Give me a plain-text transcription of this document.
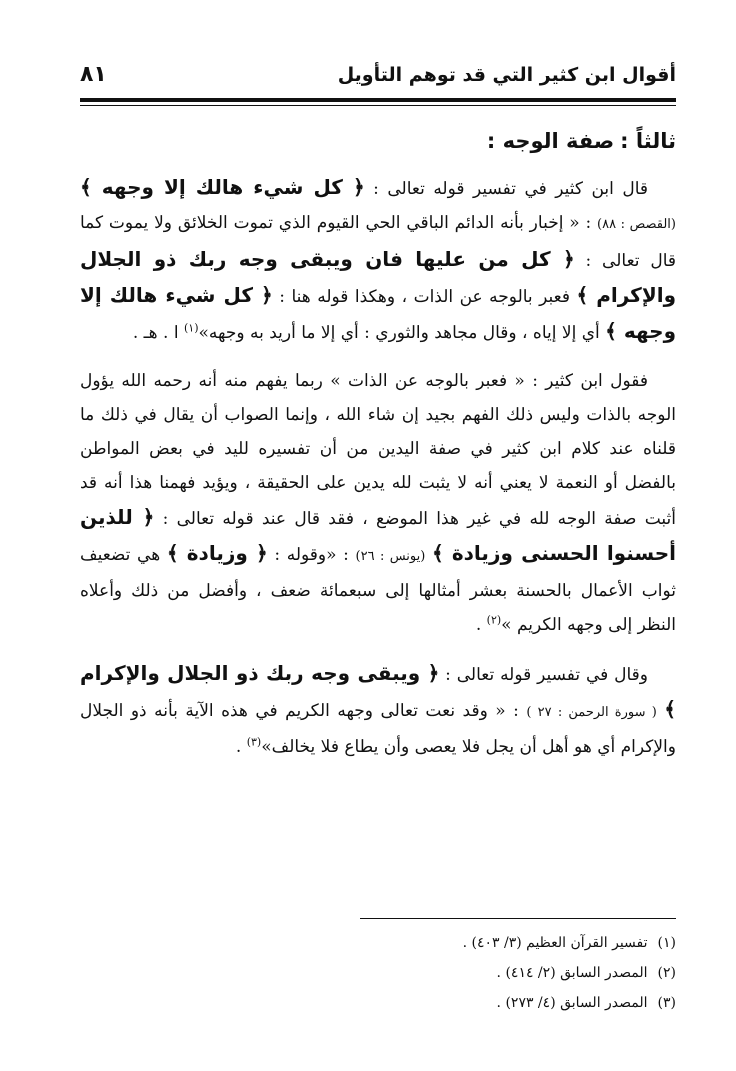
أقوال ابن كثير التي قد توهم التأويل
٨١
ثالثاً :صفة الوجه :

قال ابن كثير في تفسير قوله تعالى : ﴿ كل شيء هالك إلا وجهه ﴾ (القصص : ٨٨) : « إخبار بأنه الدائم الباقي الحي القيوم الذي تموت الخلائق ولا يموت كما قال تعالى : ﴿ كل من عليها فان ويبقى وجه ربك ذو الجلال والإكرام ﴾ فعبر بالوجه عن الذات ، وهكذا قوله هنا : ﴿ كل شيء هالك إلا وجهه ﴾ أي إلا إياه ، وقال مجاهد والثوري : أي إلا ما أريد به وجهه»$^{(١)}$ ا . هـ .

فقول ابن كثير : « فعبر بالوجه عن الذات » ربما يفهم منه أنه رحمه الله يؤول الوجه بالذات وليس ذلك الفهم بجيد إن شاء الله ، وإنما الصواب أن يقال في ذلك ما قلناه عند كلام ابن كثير في صفة اليدين من أن تفسيره لليد في بعض المواطن بالفضل أو النعمة لا يعني أنه لا يثبت لله يدين على الحقيقة ، ويؤيد فهمنا هذا أنه قد أثبت صفة الوجه لله في غير هذا الموضع ، فقد قال عند قوله تعالى : ﴿ للذين أحسنوا الحسنى وزيادة ﴾ (يونس : ٢٦) : «وقوله : ﴿ وزيادة ﴾ هي تضعيف ثواب الأعمال بالحسنة بعشر أمثالها إلى سبعمائة ضعف ، وأفضل من ذلك وأعلاه النظر إلى وجهه الكريم »$^{(٢)}$ .

وقال في تفسير قوله تعالى : ﴿ ويبقى وجه ربك ذو الجلال والإكرام ﴾ ( سورة الرحمن : ٢٧ ) : « وقد نعت تعالى وجهه الكريم في هذه الآية بأنه ذو الجلال والإكرام أي هو أهل أن يجل فلا يعصى وأن يطاع فلا يخالف»$^{(٣)}$ .

(١)تفسير القرآن العظيم (٣/ ٤٠٣) .
(٢)المصدر السابق (٢/ ٤١٤) .
(٣)المصدر السابق (٤/ ٢٧٣) .
